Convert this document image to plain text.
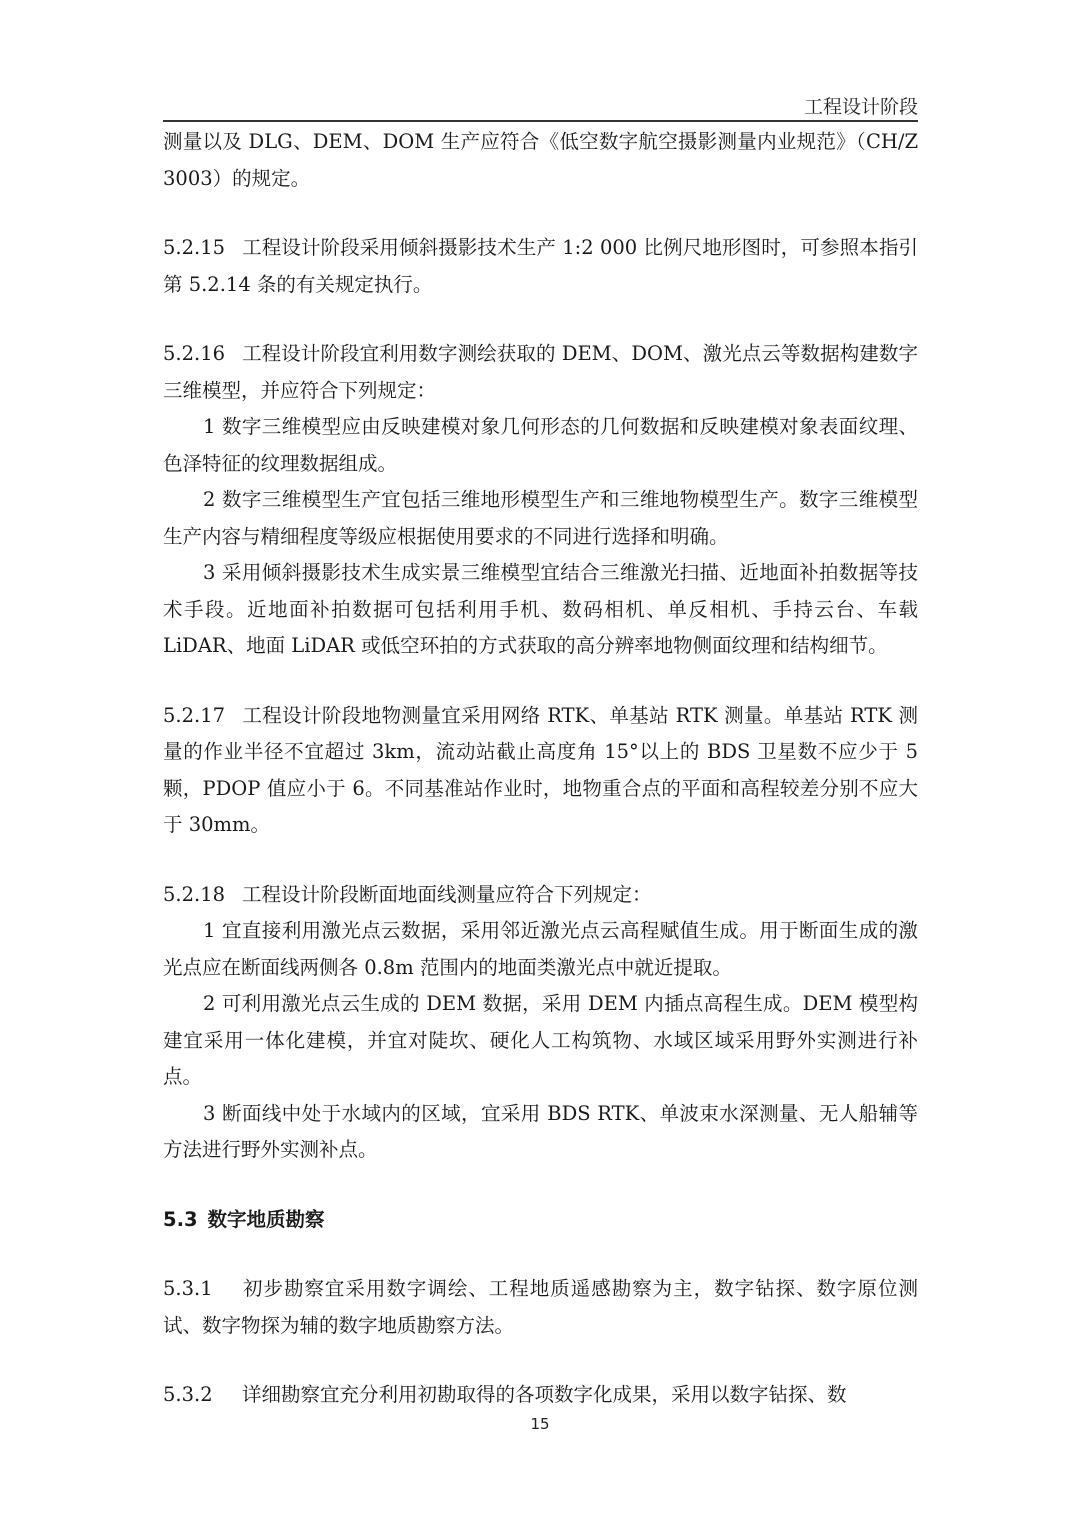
工程设计阶段

测量以及 DLG、DEM、DOM 生产应符合《低空数字航空摄影测量内业规范》（CH/Z 3003）的规定。

5.2.15 工程设计阶段采用倾斜摄影技术生产 1:2 000 比例尺地形图时，可参照本指引第 5.2.14 条的有关规定执行。

5.2.16 工程设计阶段宜利用数字测绘获取的 DEM、DOM、激光点云等数据构建数字三维模型，并应符合下列规定：

1 数字三维模型应由反映建模对象几何形态的几何数据和反映建模对象表面纹理、色泽特征的纹理数据组成。

2 数字三维模型生产宜包括三维地形模型生产和三维地物模型生产。数字三维模型生产内容与精细程度等级应根据使用要求的不同进行选择和明确。

3 采用倾斜摄影技术生成实景三维模型宜结合三维激光扫描、近地面补拍数据等技术手段。近地面补拍数据可包括利用手机、数码相机、单反相机、手持云台、车载 LiDAR、地面 LiDAR 或低空环拍的方式获取的高分辨率地物侧面纹理和结构细节。

5.2.17 工程设计阶段地物测量宜采用网络 RTK、单基站 RTK 测量。单基站 RTK 测量的作业半径不宜超过 3km，流动站截止高度角 15°以上的 BDS 卫星数不应少于 5 颗，PDOP 值应小于 6。不同基准站作业时，地物重合点的平面和高程较差分别不应大于 30mm。

5.2.18 工程设计阶段断面地面线测量应符合下列规定：

1 宜直接利用激光点云数据，采用邻近激光点云高程赋值生成。用于断面生成的激光点应在断面线两侧各 0.8m 范围内的地面类激光点中就近提取。

2 可利用激光点云生成的 DEM 数据，采用 DEM 内插点高程生成。DEM 模型构建宜采用一体化建模，并宜对陡坎、硬化人工构筑物、水域区域采用野外实测进行补点。

3 断面线中处于水域内的区域，宜采用 BDS RTK、单波束水深测量、无人船辅等方法进行野外实测补点。

5.3 数字地质勘察

5.3.1 初步勘察宜采用数字调绘、工程地质遥感勘察为主，数字钻探、数字原位测试、数字物探为辅的数字地质勘察方法。

5.3.2 详细勘察宜充分利用初勘取得的各项数字化成果，采用以数字钻探、数

15
